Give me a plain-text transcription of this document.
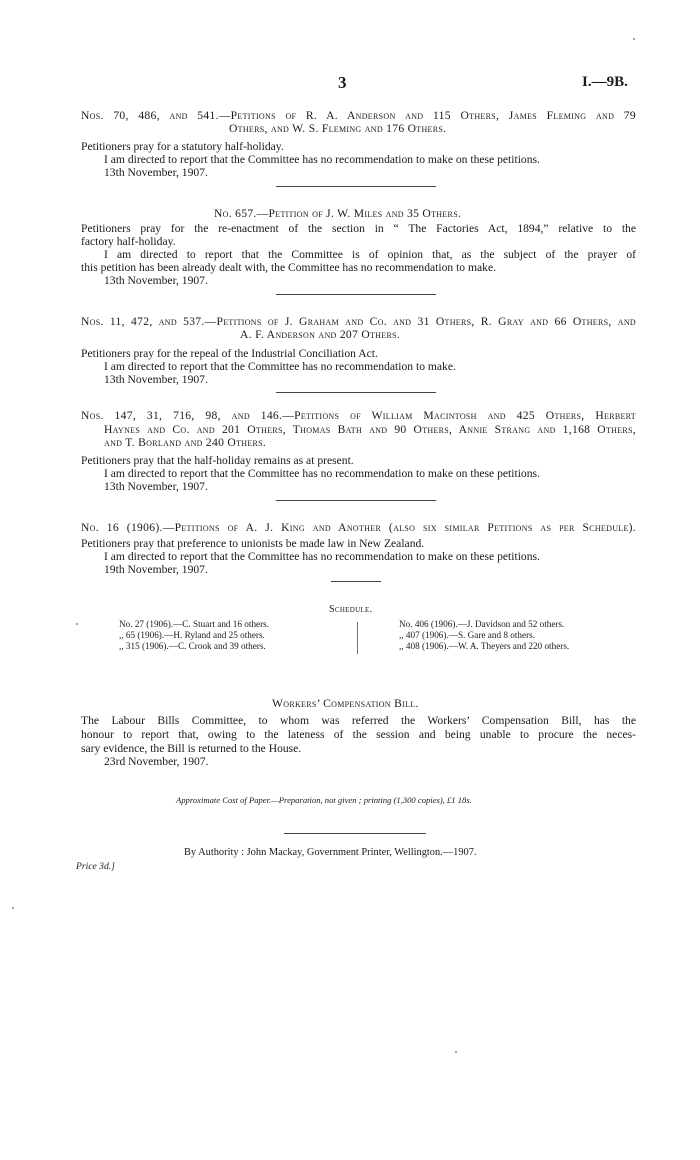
3	I.—9B.
Nos. 70, 486, and 541.—Petitions of R. A. Anderson and 115 Others, James Fleming and 79
Others, and W. S. Fleming and 176 Others.
Petitioners pray for a statutory half-holiday.
I am directed to report that the Committee has no recommendation to make on these petitions.
13th November, 1907.
No. 657.—Petition of J. W. Miles and 35 Others.
Petitioners pray for the re-enactment of the section in “ The Factories Act, 1894,” relative to the
factory half-holiday.
I am directed to report that the Committee is of opinion that, as the subject of the prayer of
this petition has been already dealt with, the Committee has no recommendation to make.
13th November, 1907.
Nos. 11, 472, and 537.—Petitions of J. Graham and Co. and 31 Others, R. Gray and 66 Others, and
A. F. Anderson and 207 Others.
Petitioners pray for the repeal of the Industrial Conciliation Act.
I am directed to report that the Committee has no recommendation to make.
13th November, 1907.
Nos. 147, 31, 716, 98, and 146.—Petitions of William Macintosh and 425 Others, Herbert
Haynes and Co. and 201 Others, Thomas Bath and 90 Others, Annie Strang and 1,168 Others,
and T. Borland and 240 Others.
Petitioners pray that the half-holiday remains as at present.
I am directed to report that the Committee has no recommendation to make on these petitions.
13th November, 1907.
No. 16 (1906).—Petitions of A. J. King and Another (also six similar Petitions as per Schedule).
Petitioners pray that preference to unionists be made law in New Zealand.
I am directed to report that the Committee has no recommendation to make on these petitions.
19th November, 1907.
Schedule.
No. 27 (1906).—C. Stuart and 16 others.
,, 65 (1906).—H. Ryland and 25 others.
,, 315 (1906).—C. Crook and 39 others.
No. 406 (1906).—J. Davidson and 52 others.
,, 407 (1906).—S. Gare and 8 others.
,, 408 (1906).—W. A. Theyers and 220 others.
Workers’ Compensation Bill.
The Labour Bills Committee, to whom was referred the Workers’ Compensation Bill, has the
honour to report that, owing to the lateness of the session and being unable to procure the neces-
sary evidence, the Bill is returned to the House.
23rd November, 1907.
Approximate Cost of Paper.—Preparation, not given ; printing (1,300 copies), £1 18s.
By Authority : John Mackay, Government Printer, Wellington.—1907.
Price 3d.]
